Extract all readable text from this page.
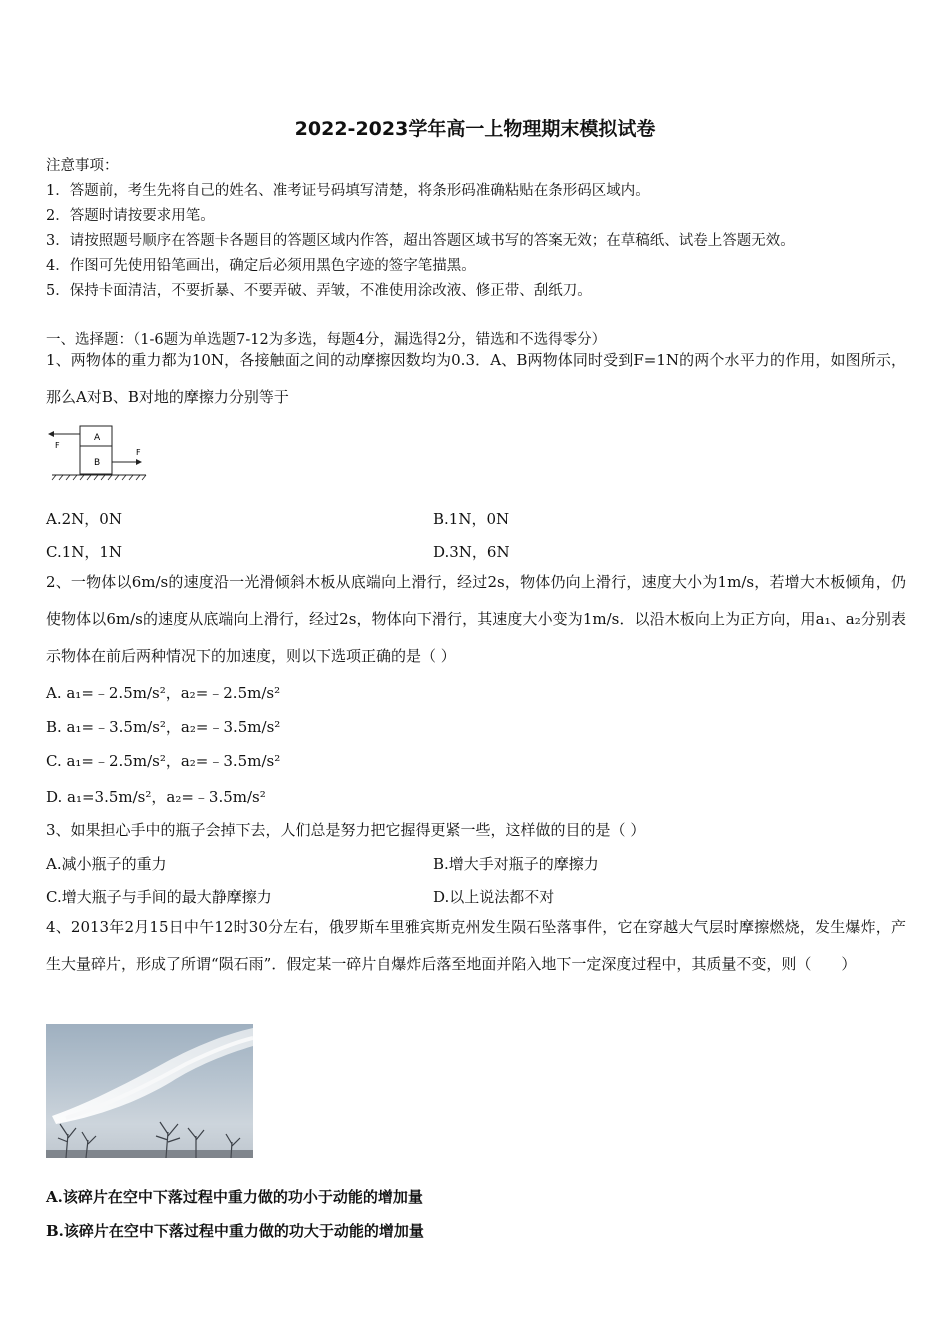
2022-2023学年高一上物理期末模拟试卷
注意事项：
1．答题前，考生先将自己的姓名、准考证号码填写清楚，将条形码准确粘贴在条形码区域内。
2．答题时请按要求用笔。
3．请按照题号顺序在答题卡各题目的答题区域内作答，超出答题区域书写的答案无效；在草稿纸、试卷上答题无效。
4．作图可先使用铅笔画出，确定后必须用黑色字迹的签字笔描黑。
5．保持卡面清洁，不要折暴、不要弄破、弄皱，不准使用涂改液、修正带、刮纸刀。
一、选择题：（1-6题为单选题7-12为多选，每题4分，漏选得2分，错选和不选得零分）
1、两物体的重力都为10N，各接触面之间的动摩擦因数均为0.3．A、B两物体同时受到F=1N的两个水平力的作用，如图所示，那么A对B、B对地的摩擦力分别等于
A
B
F
F
A.2N，0N	B.1N，0N
C.1N，1N	D.3N，6N
2、一物体以6m/s的速度沿一光滑倾斜木板从底端向上滑行，经过2s，物体仍向上滑行，速度大小为1m/s，若增大木板倾角，仍使物体以6m/s的速度从底端向上滑行，经过2s，物体向下滑行，其速度大小变为1m/s．以沿木板向上为正方向，用a₁、a₂分别表示物体在前后两种情况下的加速度，则以下选项正确的是（ ）
A. a₁=﹣2.5m/s²，a₂=﹣2.5m/s²
B. a₁=﹣3.5m/s²，a₂=﹣3.5m/s²
C. a₁=﹣2.5m/s²，a₂=﹣3.5m/s²
D. a₁=3.5m/s²，a₂=﹣3.5m/s²
3、如果担心手中的瓶子会掉下去，人们总是努力把它握得更紧一些，这样做的目的是（ ）
A.减小瓶子的重力	B.增大手对瓶子的摩擦力
C.增大瓶子与手间的最大静摩擦力	D.以上说法都不对
4、2013年2月15日中午12时30分左右，俄罗斯车里雅宾斯克州发生陨石坠落事件，它在穿越大气层时摩擦燃烧，发生爆炸，产生大量碎片，形成了所谓“陨石雨”．假定某一碎片自爆炸后落至地面并陷入地下一定深度过程中，其质量不变，则（　　）
A.该碎片在空中下落过程中重力做的功小于动能的增加量
B.该碎片在空中下落过程中重力做的功大于动能的增加量
